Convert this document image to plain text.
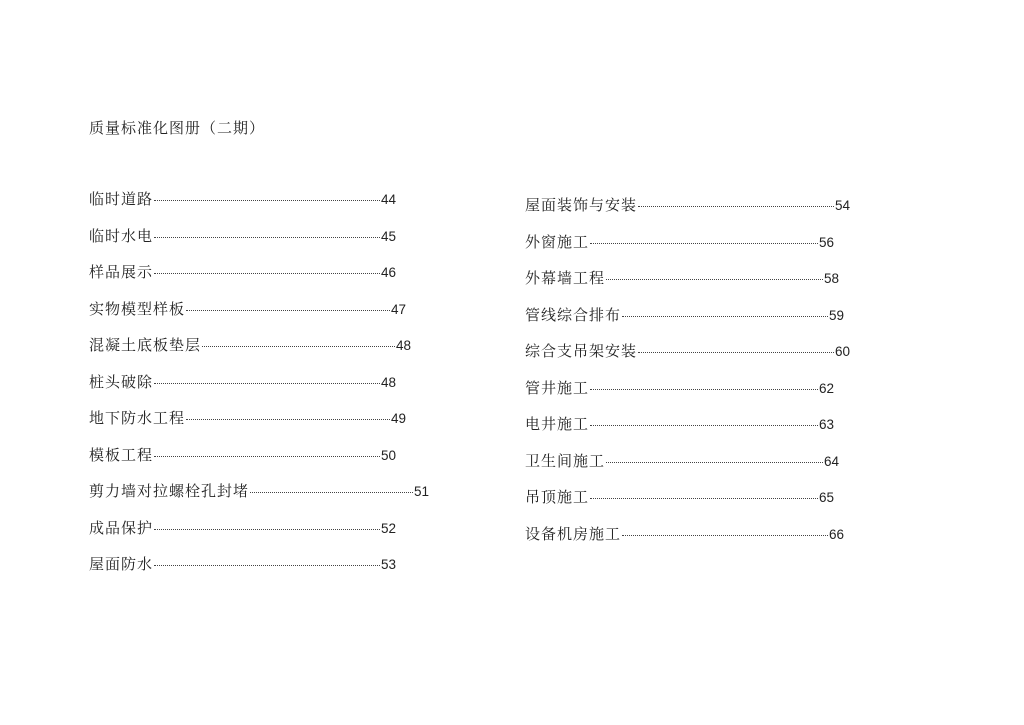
质量标准化图册（二期）
临时道路	44
临时水电	45
样品展示	46
实物模型样板	47
混凝土底板垫层	48
桩头破除	48
地下防水工程	49
模板工程	50
剪力墙对拉螺栓孔封堵	51
成品保护	52
屋面防水	53
屋面装饰与安装	54
外窗施工	56
外幕墙工程	58
管线综合排布	59
综合支吊架安装	60
管井施工	62
电井施工	63
卫生间施工	64
吊顶施工	65
设备机房施工	66
